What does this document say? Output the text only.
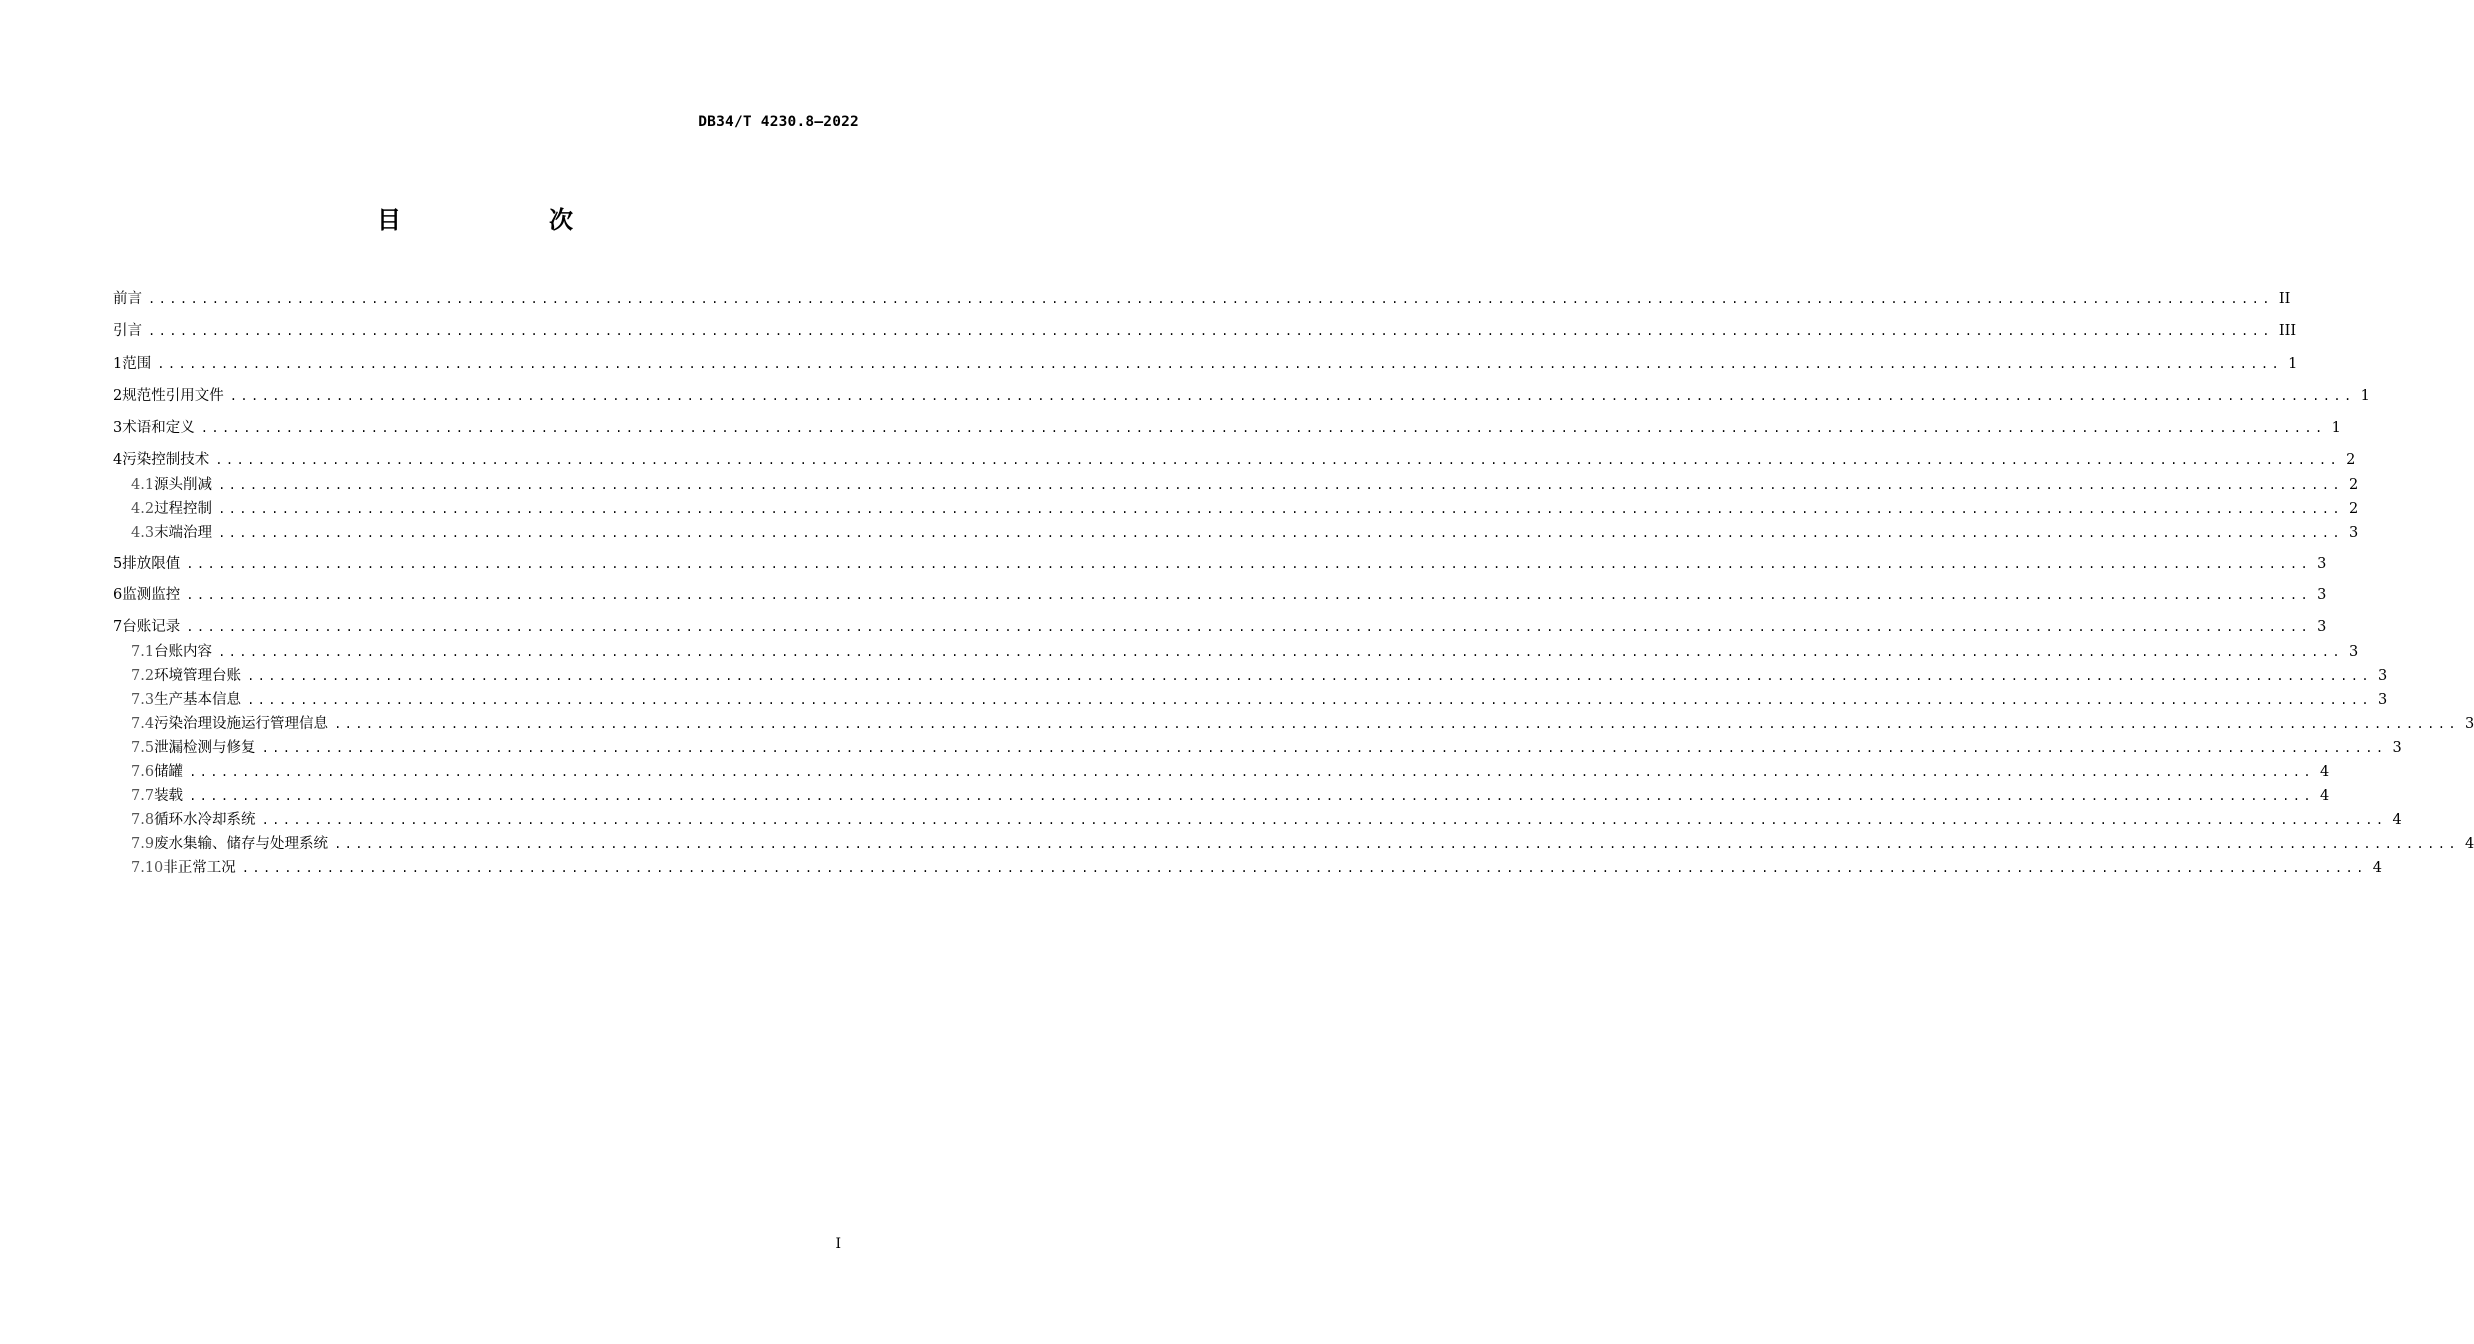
DB34/T 4230.8—2022
目　次
前言 ........................................................................................................................................................................................................ II
引言 ........................................................................................................................................................................................................ III
1 范围 ........................................................................................................................................................................................................ 1
2 规范性引用文件 ........................................................................................................................................................................................................ 1
3 术语和定义 ........................................................................................................................................................................................................ 1
4 污染控制技术 ........................................................................................................................................................................................................ 2
4.1 源头削减 ........................................................................................................................................................................................................ 2
4.2 过程控制 ........................................................................................................................................................................................................ 2
4.3 末端治理 ........................................................................................................................................................................................................ 3
5 排放限值 ........................................................................................................................................................................................................ 3
6 监测监控 ........................................................................................................................................................................................................ 3
7 台账记录 ........................................................................................................................................................................................................ 3
7.1 台账内容 ........................................................................................................................................................................................................ 3
7.2 环境管理台账 ........................................................................................................................................................................................................ 3
7.3 生产基本信息 ........................................................................................................................................................................................................ 3
7.4 污染治理设施运行管理信息 ........................................................................................................................................................................................................ 3
7.5 泄漏检测与修复 ........................................................................................................................................................................................................ 3
7.6 储罐 ........................................................................................................................................................................................................ 4
7.7 装载 ........................................................................................................................................................................................................ 4
7.8 循环水冷却系统 ........................................................................................................................................................................................................ 4
7.9 废水集输、储存与处理系统 ........................................................................................................................................................................................................ 4
7.10 非正常工况 ........................................................................................................................................................................................................ 4
I
